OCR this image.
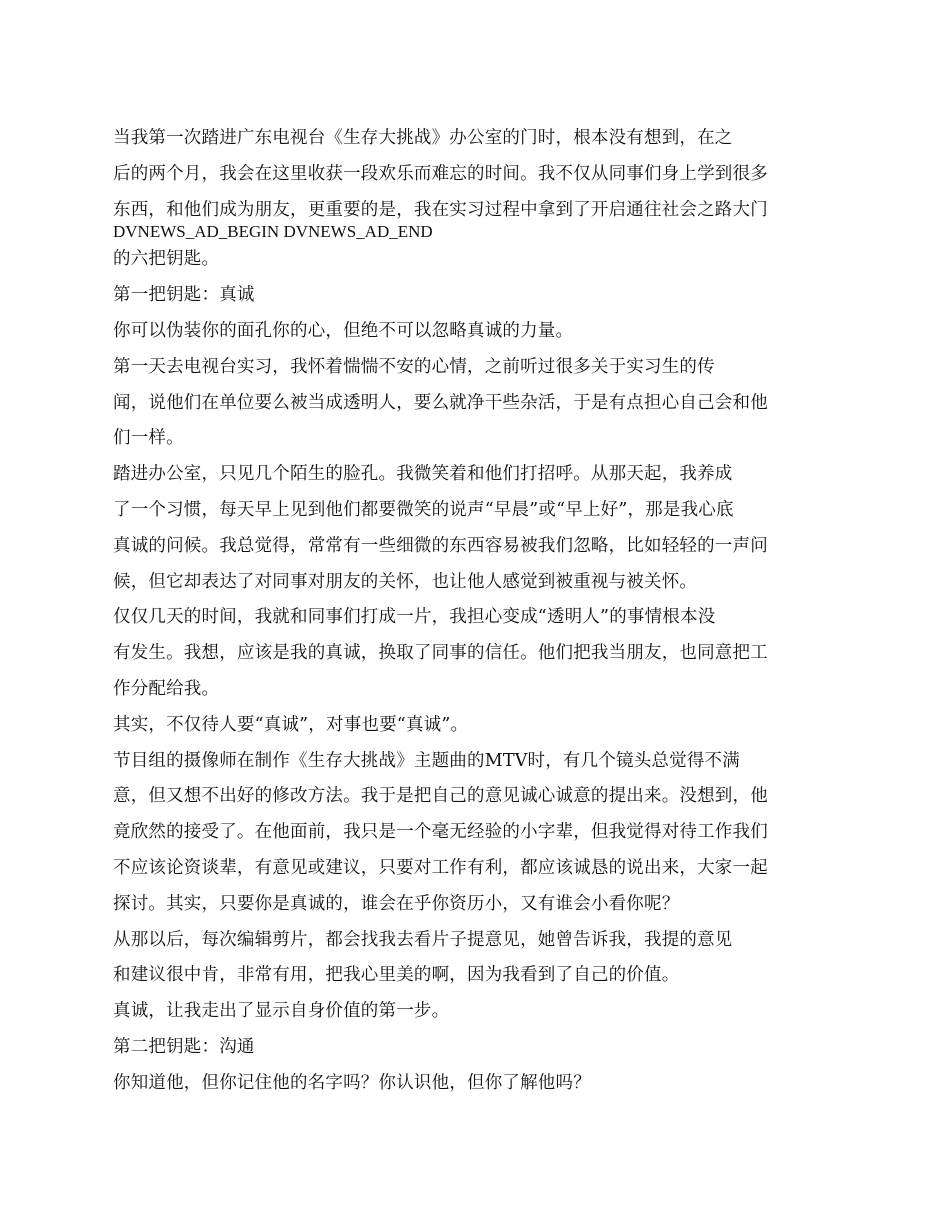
当我第一次踏进广东电视台《生存大挑战》办公室的门时，根本没有想到，在之
后的两个月，我会在这里收获一段欢乐而难忘的时间。我不仅从同事们身上学到很多
东西，和他们成为朋友，更重要的是，我在实习过程中拿到了开启通往社会之路大门
DVNEWS_AD_BEGIN DVNEWS_AD_END
的六把钥匙。
第一把钥匙：真诚
你可以伪装你的面孔你的心，但绝不可以忽略真诚的力量。
第一天去电视台实习，我怀着惴惴不安的心情，之前听过很多关于实习生的传
闻，说他们在单位要么被当成透明人，要么就净干些杂活，于是有点担心自己会和他
们一样。
踏进办公室，只见几个陌生的脸孔。我微笑着和他们打招呼。从那天起，我养成
了一个习惯，每天早上见到他们都要微笑的说声“早晨”或“早上好”，那是我心底
真诚的问候。我总觉得，常常有一些细微的东西容易被我们忽略，比如轻轻的一声问
候，但它却表达了对同事对朋友的关怀，也让他人感觉到被重视与被关怀。
仅仅几天的时间，我就和同事们打成一片，我担心变成“透明人”的事情根本没
有发生。我想，应该是我的真诚，换取了同事的信任。他们把我当朋友，也同意把工
作分配给我。
其实，不仅待人要“真诚”，对事也要“真诚”。
节目组的摄像师在制作《生存大挑战》主题曲的MTV时，有几个镜头总觉得不满
意，但又想不出好的修改方法。我于是把自己的意见诚心诚意的提出来。没想到，他
竟欣然的接受了。在他面前，我只是一个毫无经验的小字辈，但我觉得对待工作我们
不应该论资谈辈，有意见或建议，只要对工作有利，都应该诚恳的说出来，大家一起
探讨。其实，只要你是真诚的，谁会在乎你资历小，又有谁会小看你呢？
从那以后，每次编辑剪片，都会找我去看片子提意见，她曾告诉我，我提的意见
和建议很中肯，非常有用，把我心里美的啊，因为我看到了自己的价值。
真诚，让我走出了显示自身价值的第一步。
第二把钥匙：沟通
你知道他，但你记住他的名字吗？你认识他，但你了解他吗？
